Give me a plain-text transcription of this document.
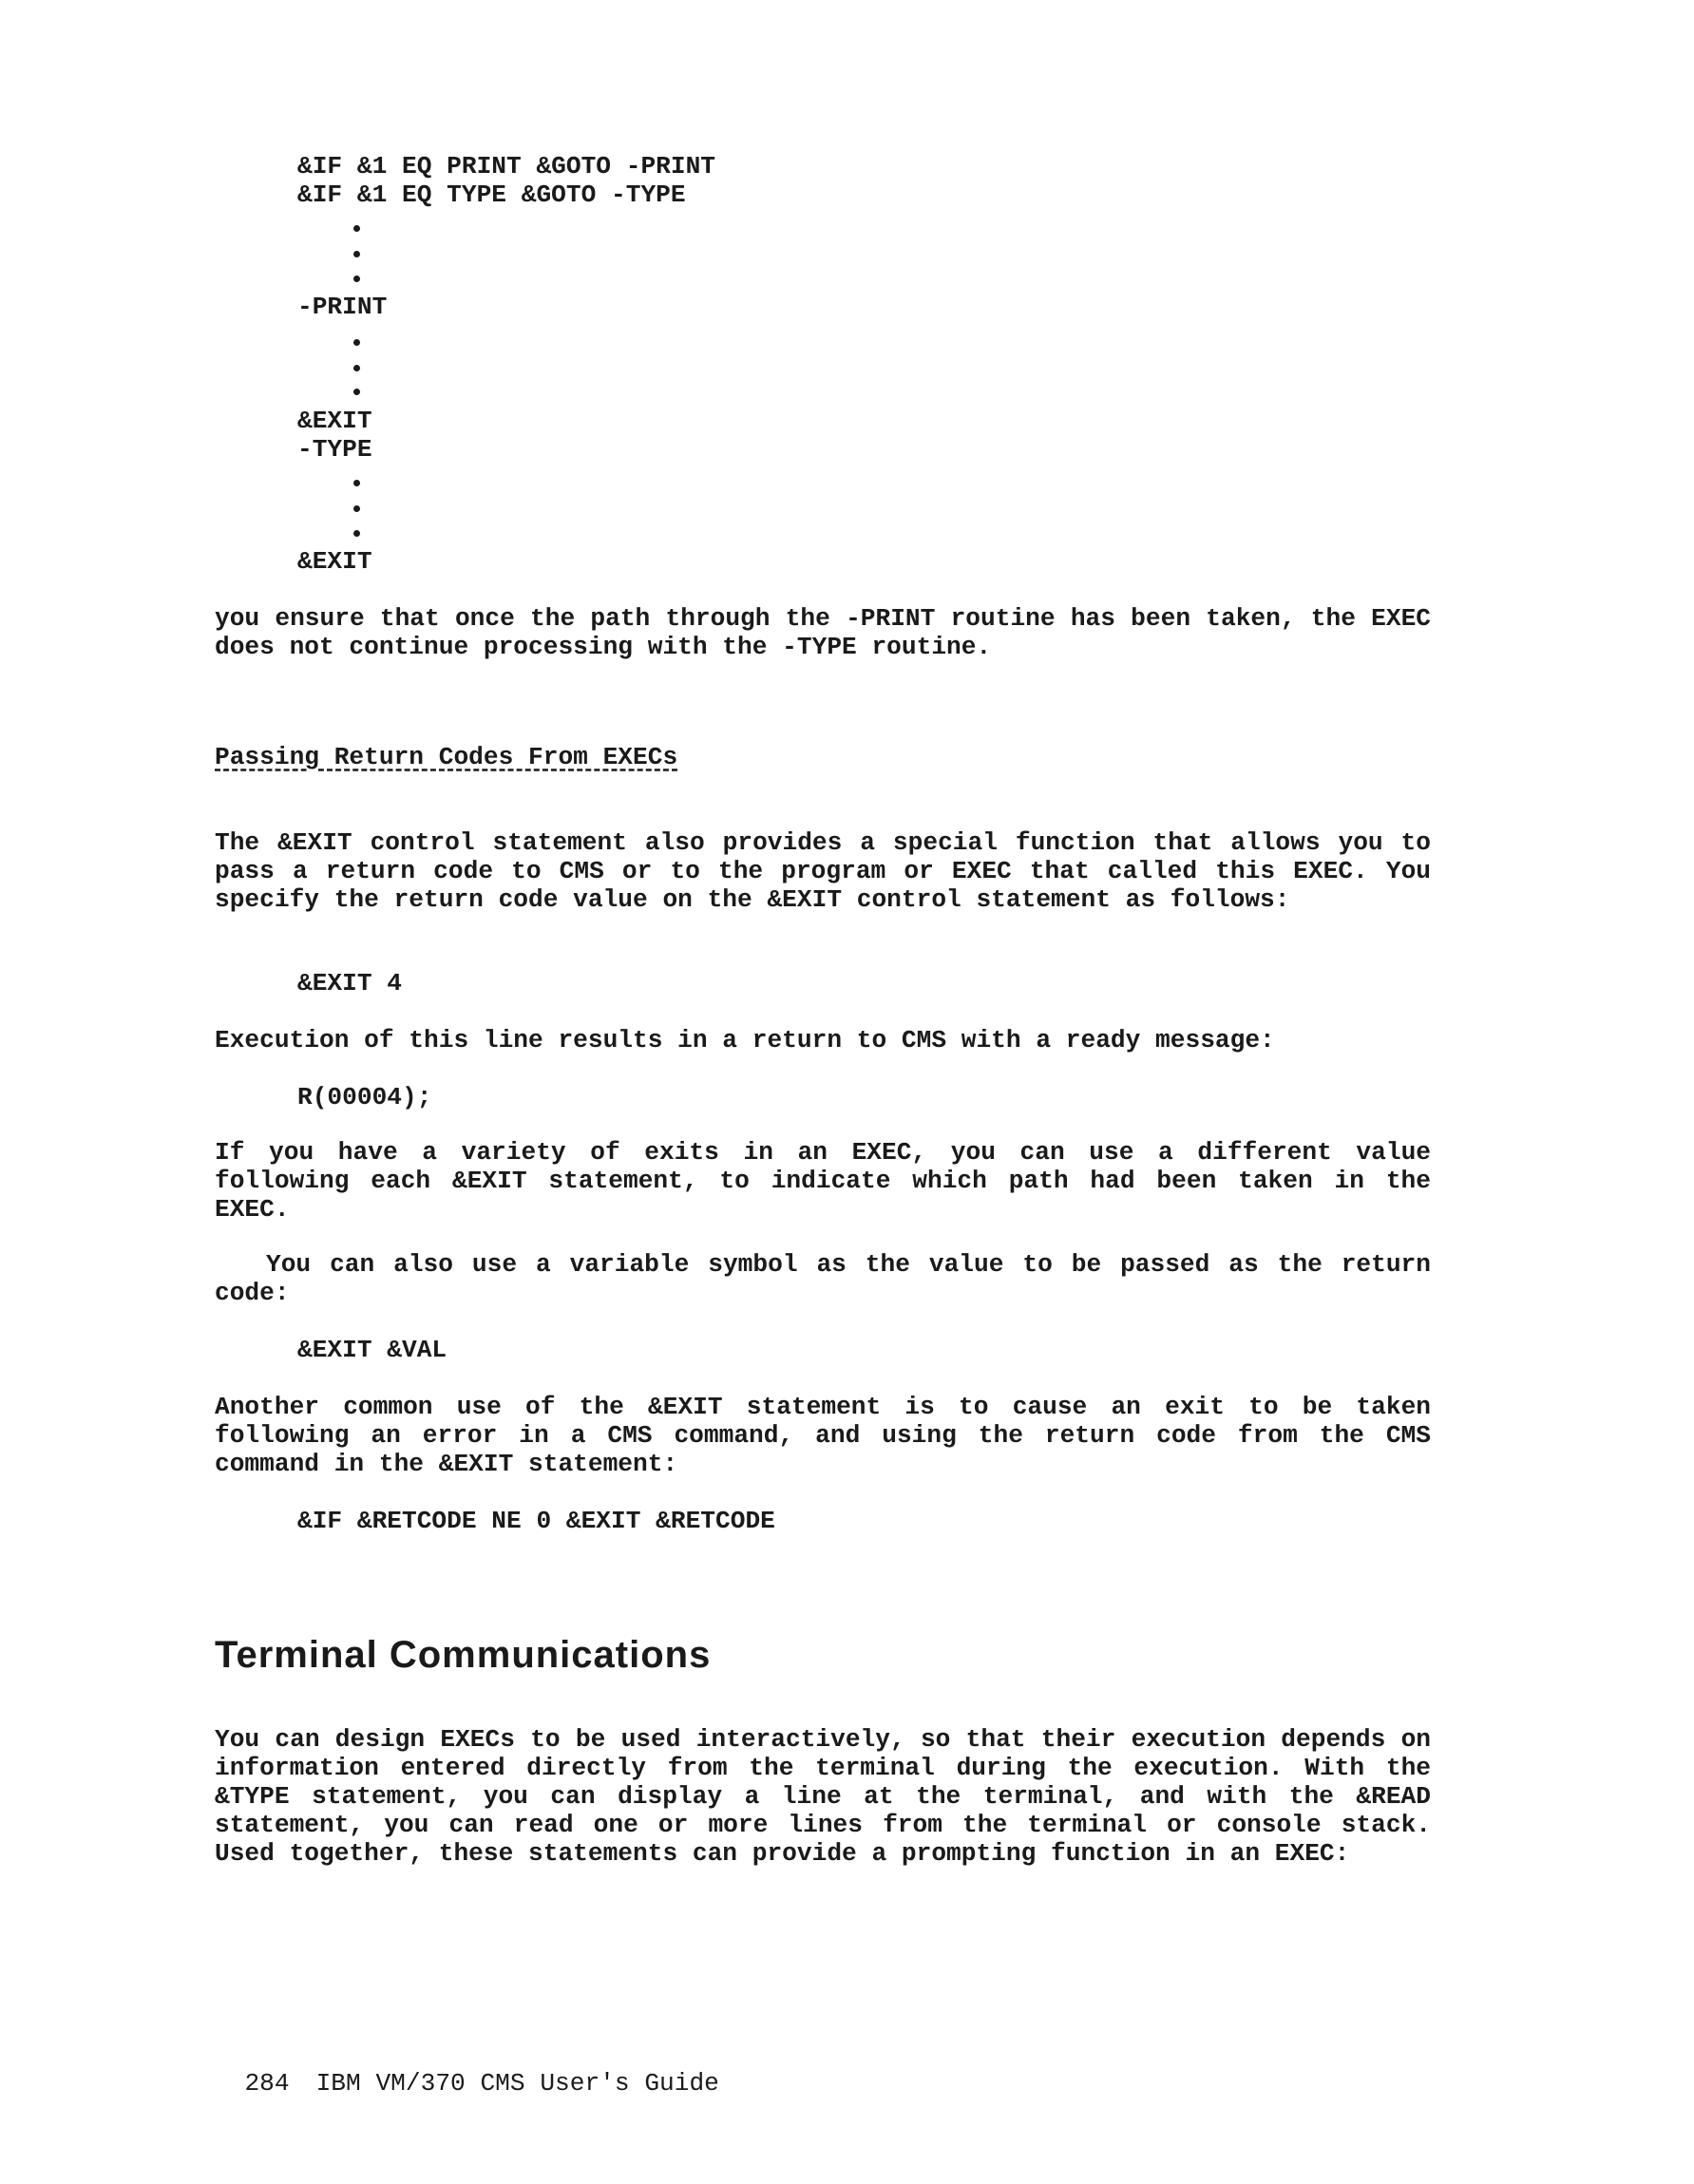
&IF &1 EQ PRINT &GOTO -PRINT

&IF &1 EQ TYPE &GOTO -TYPE

-PRINT

&EXIT

-TYPE

&EXIT

you ensure that once the path through the -PRINT routine has been taken, the EXEC does not continue processing with the -TYPE routine.

Passing Return Codes From EXECs

The &EXIT control statement also provides a special function that allows you to pass a return code to CMS or to the program or EXEC that called this EXEC. You specify the return code value on the &EXIT control statement as follows:

&EXIT 4

Execution of this line results in a return to CMS with a ready message:

R(00004);

If you have a variety of exits in an EXEC, you can use a different value following each &EXIT statement, to indicate which path had been taken in the EXEC.

You can also use a variable symbol as the value to be passed as the return code:

&EXIT &VAL

Another common use of the &EXIT statement is to cause an exit to be taken following an error in a CMS command, and using the return code from the CMS command in the &EXIT statement:

&IF &RETCODE NE 0 &EXIT &RETCODE

Terminal Communications

You can design EXECs to be used interactively, so that their execution depends on information entered directly from the terminal during the execution. With the &TYPE statement, you can display a line at the terminal, and with the &READ statement, you can read one or more lines from the terminal or console stack. Used together, these statements can provide a prompting function in an EXEC:

284 IBM VM/370 CMS User's Guide
